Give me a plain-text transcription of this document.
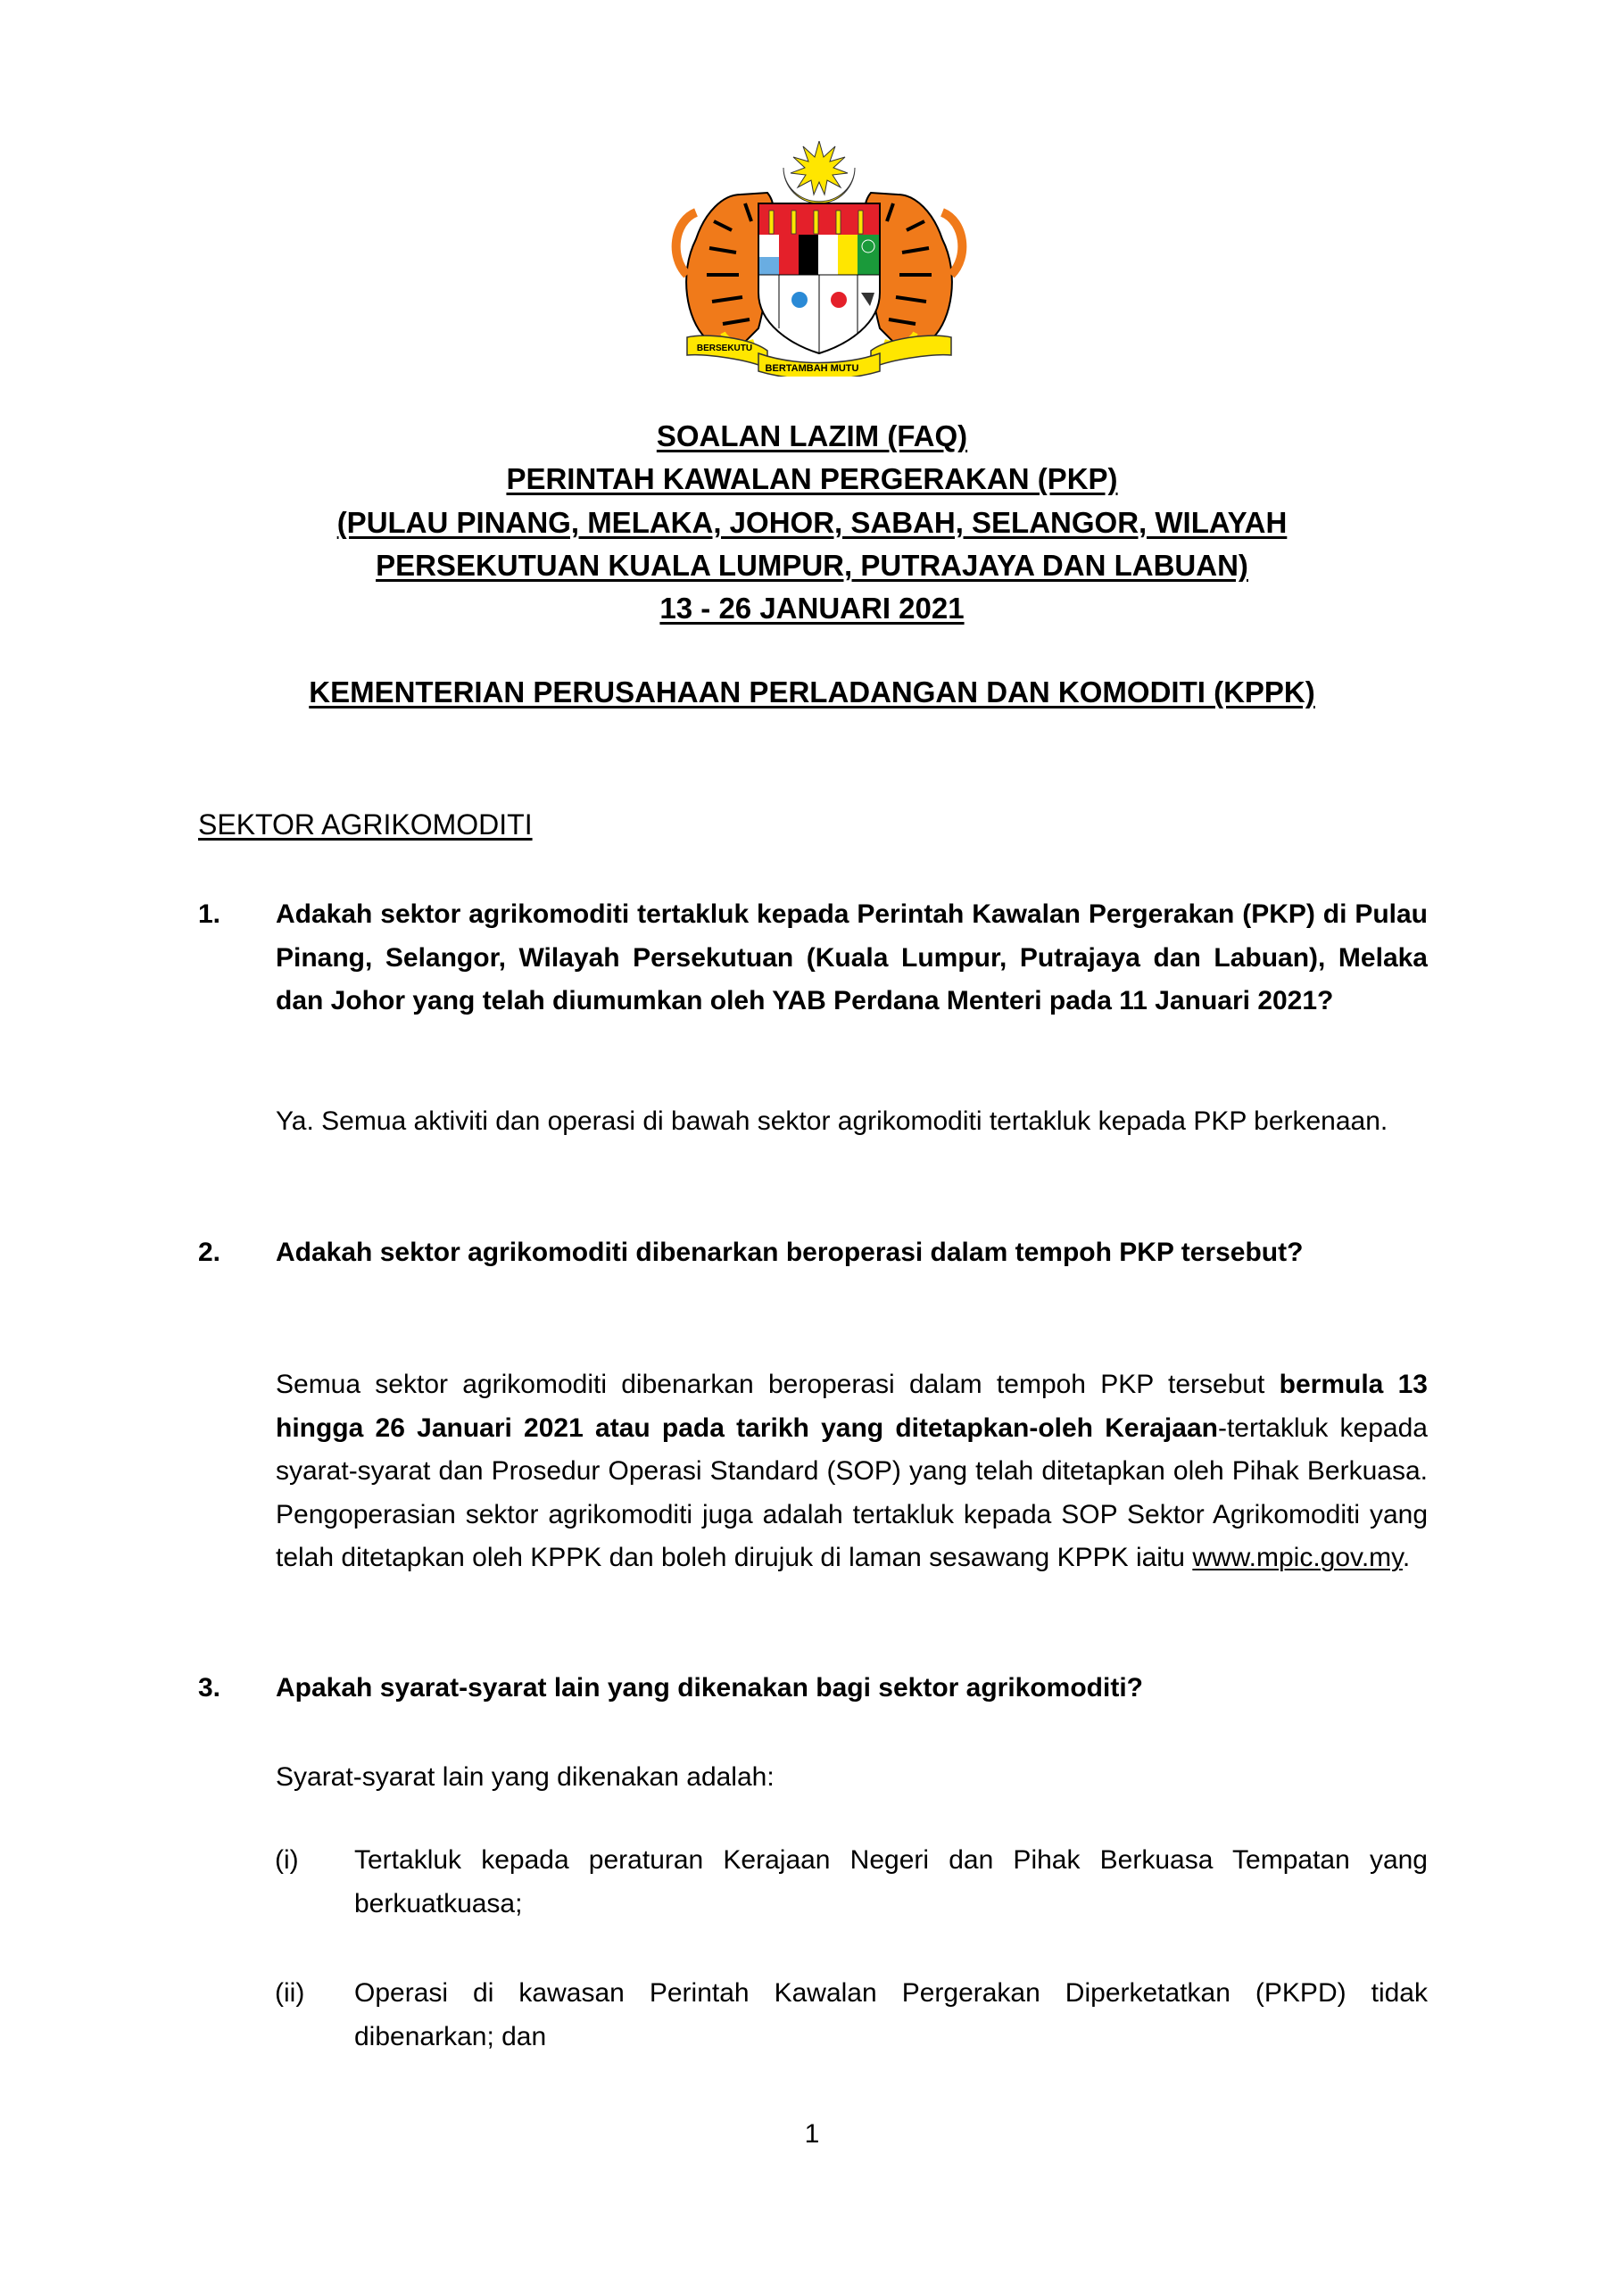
BERSEKUTU
BERTAMBAH MUTU
SOALAN LAZIM (FAQ)
PERINTAH KAWALAN PERGERAKAN (PKP)
(PULAU PINANG, MELAKA, JOHOR, SABAH, SELANGOR, WILAYAH
PERSEKUTUAN KUALA LUMPUR, PUTRAJAYA DAN LABUAN)
13 - 26 JANUARI 2021
KEMENTERIAN PERUSAHAAN PERLADANGAN DAN KOMODITI (KPPK)
SEKTOR AGRIKOMODITI
1. Adakah sektor agrikomoditi tertakluk kepada Perintah Kawalan Pergerakan (PKP) di Pulau Pinang, Selangor, Wilayah Persekutuan (Kuala Lumpur, Putrajaya dan Labuan), Melaka dan Johor yang telah diumumkan oleh YAB Perdana Menteri pada 11 Januari 2021?
Ya. Semua aktiviti dan operasi di bawah sektor agrikomoditi tertakluk kepada PKP berkenaan.
2. Adakah sektor agrikomoditi dibenarkan beroperasi dalam tempoh PKP tersebut?
Semua sektor agrikomoditi dibenarkan beroperasi dalam tempoh PKP tersebut bermula 13 hingga 26 Januari 2021 atau pada tarikh yang ditetapkan-oleh Kerajaan-tertakluk kepada syarat-syarat dan Prosedur Operasi Standard (SOP) yang telah ditetapkan oleh Pihak Berkuasa. Pengoperasian sektor agrikomoditi juga adalah tertakluk kepada SOP Sektor Agrikomoditi yang telah ditetapkan oleh KPPK dan boleh dirujuk di laman sesawang KPPK iaitu www.mpic.gov.my.
3. Apakah syarat-syarat lain yang dikenakan bagi sektor agrikomoditi?
Syarat-syarat lain yang dikenakan adalah:
(i) Tertakluk kepada peraturan Kerajaan Negeri dan Pihak Berkuasa Tempatan yang berkuatkuasa;
(ii) Operasi di kawasan Perintah Kawalan Pergerakan Diperketatkan (PKPD) tidak dibenarkan; dan
1
